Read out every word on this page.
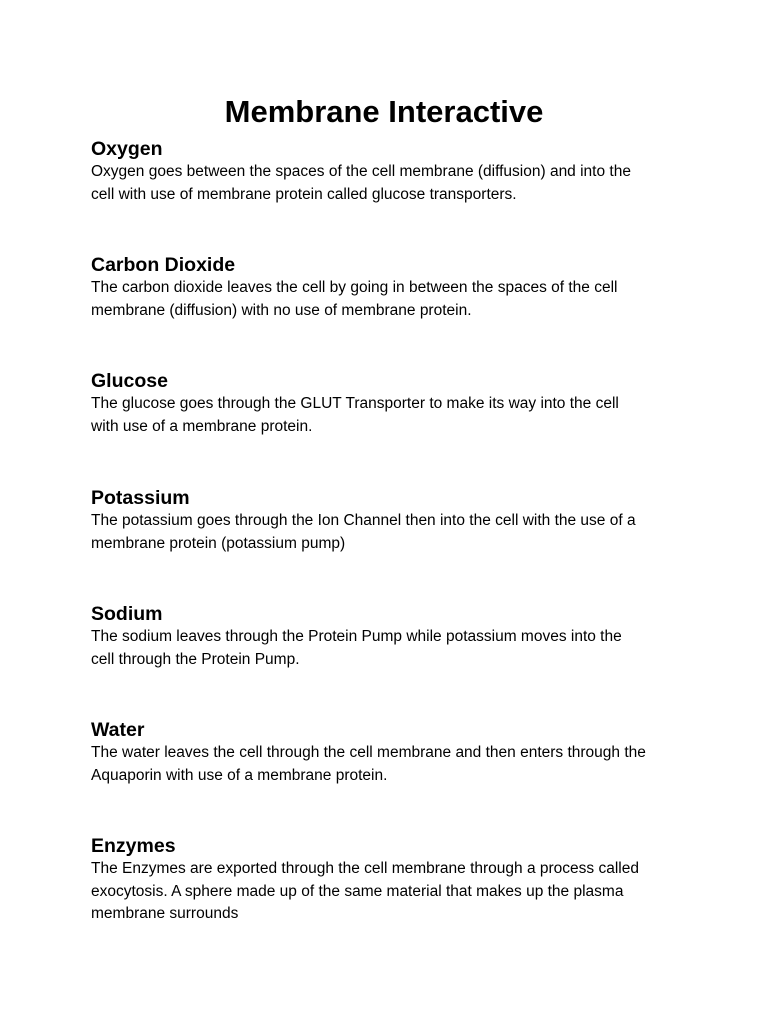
Membrane Interactive
Oxygen

Oxygen goes between the spaces of the cell membrane (diffusion) and into the

cell with use of membrane protein called glucose transporters.

Carbon Dioxide

The carbon dioxide leaves the cell by going in between the spaces of the cell

membrane (diffusion) with no use of membrane protein.

Glucose

The glucose goes through the GLUT Transporter to make its way into the cell

with use of a membrane protein.

Potassium

The potassium goes through the Ion Channel then into the cell with the use of a

membrane protein (potassium pump)

Sodium

The sodium leaves through the Protein Pump while potassium moves into the

cell through the Protein Pump.

Water

The water leaves the cell through the cell membrane and then enters through the

Aquaporin with use of a membrane protein.

Enzymes

The Enzymes are exported through the cell membrane through a process called

exocytosis. A sphere made up of the same material that makes up the plasma

membrane surrounds
